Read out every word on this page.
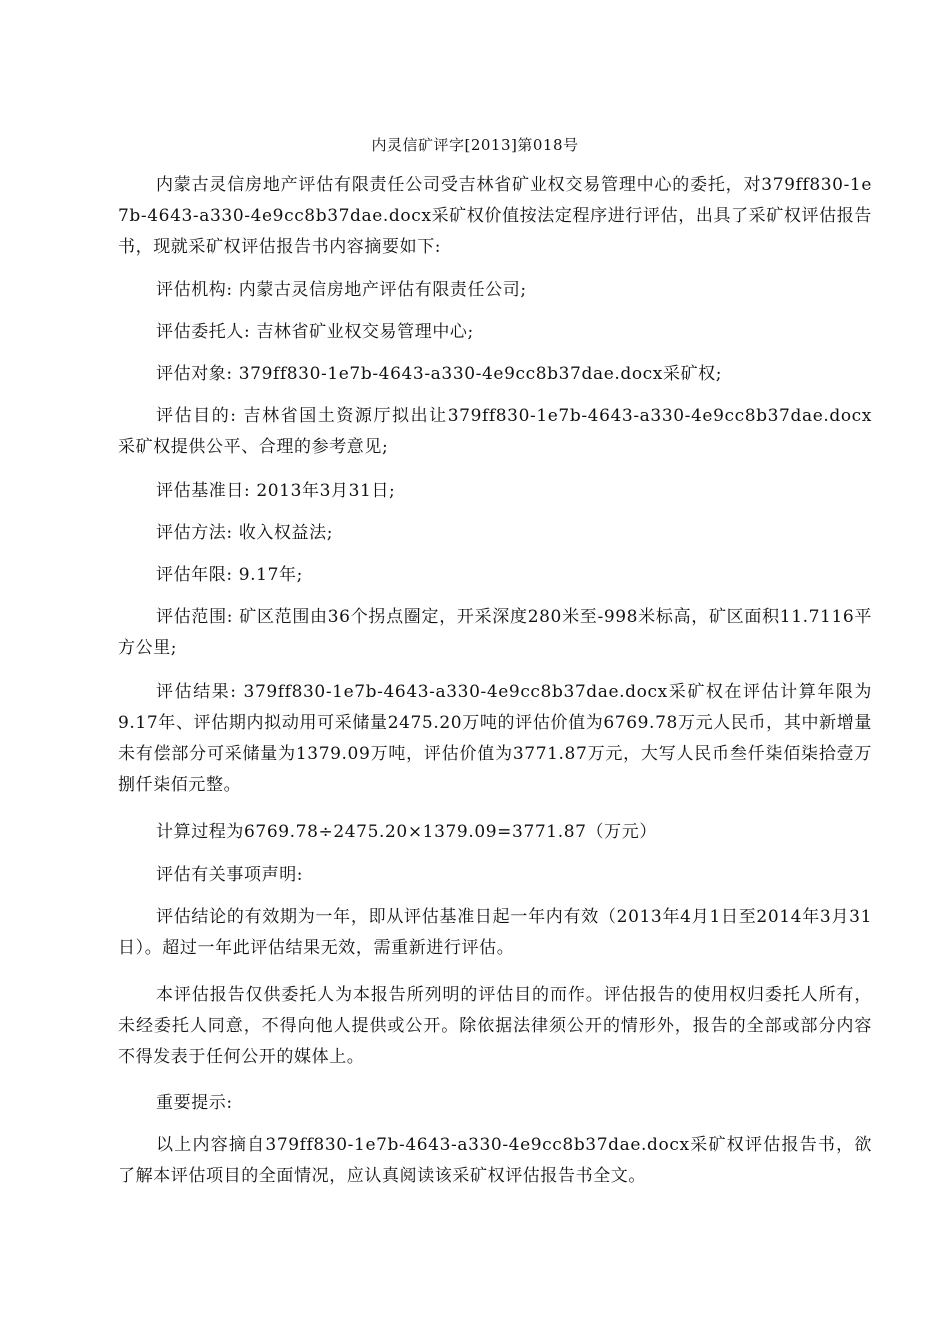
内灵信矿评字[2013]第018号

内蒙古灵信房地产评估有限责任公司受吉林省矿业权交易管理中心的委托，对379ff830-1e7b-4643-a330-4e9cc8b37dae.docx采矿权价值按法定程序进行评估，出具了采矿权评估报告书，现就采矿权评估报告书内容摘要如下:

评估机构: 内蒙古灵信房地产评估有限责任公司;

评估委托人: 吉林省矿业权交易管理中心;

评估对象: 379ff830-1e7b-4643-a330-4e9cc8b37dae.docx采矿权;

评估目的: 吉林省国土资源厅拟出让379ff830-1e7b-4643-a330-4e9cc8b37dae.docx采矿权提供公平、合理的参考意见;

评估基准日: 2013年3月31日;

评估方法: 收入权益法;

评估年限: 9.17年;

评估范围: 矿区范围由36个拐点圈定，开采深度280米至-998米标高，矿区面积11.7116平方公里;

评估结果: 379ff830-1e7b-4643-a330-4e9cc8b37dae.docx采矿权在评估计算年限为9.17年、评估期内拟动用可采储量2475.20万吨的评估价值为6769.78万元人民币，其中新增量未有偿部分可采储量为1379.09万吨，评估价值为3771.87万元，大写人民币叁仟柒佰柒拾壹万捌仟柒佰元整。

计算过程为6769.78÷2475.20×1379.09=3771.87（万元）

评估有关事项声明:

评估结论的有效期为一年，即从评估基准日起一年内有效（2013年4月1日至2014年3月31日）。超过一年此评估结果无效，需重新进行评估。

本评估报告仅供委托人为本报告所列明的评估目的而作。评估报告的使用权归委托人所有，未经委托人同意，不得向他人提供或公开。除依据法律须公开的情形外，报告的全部或部分内容不得发表于任何公开的媒体上。

重要提示:

以上内容摘自379ff830-1e7b-4643-a330-4e9cc8b37dae.docx采矿权评估报告书，欲了解本评估项目的全面情况，应认真阅读该采矿权评估报告书全文。
